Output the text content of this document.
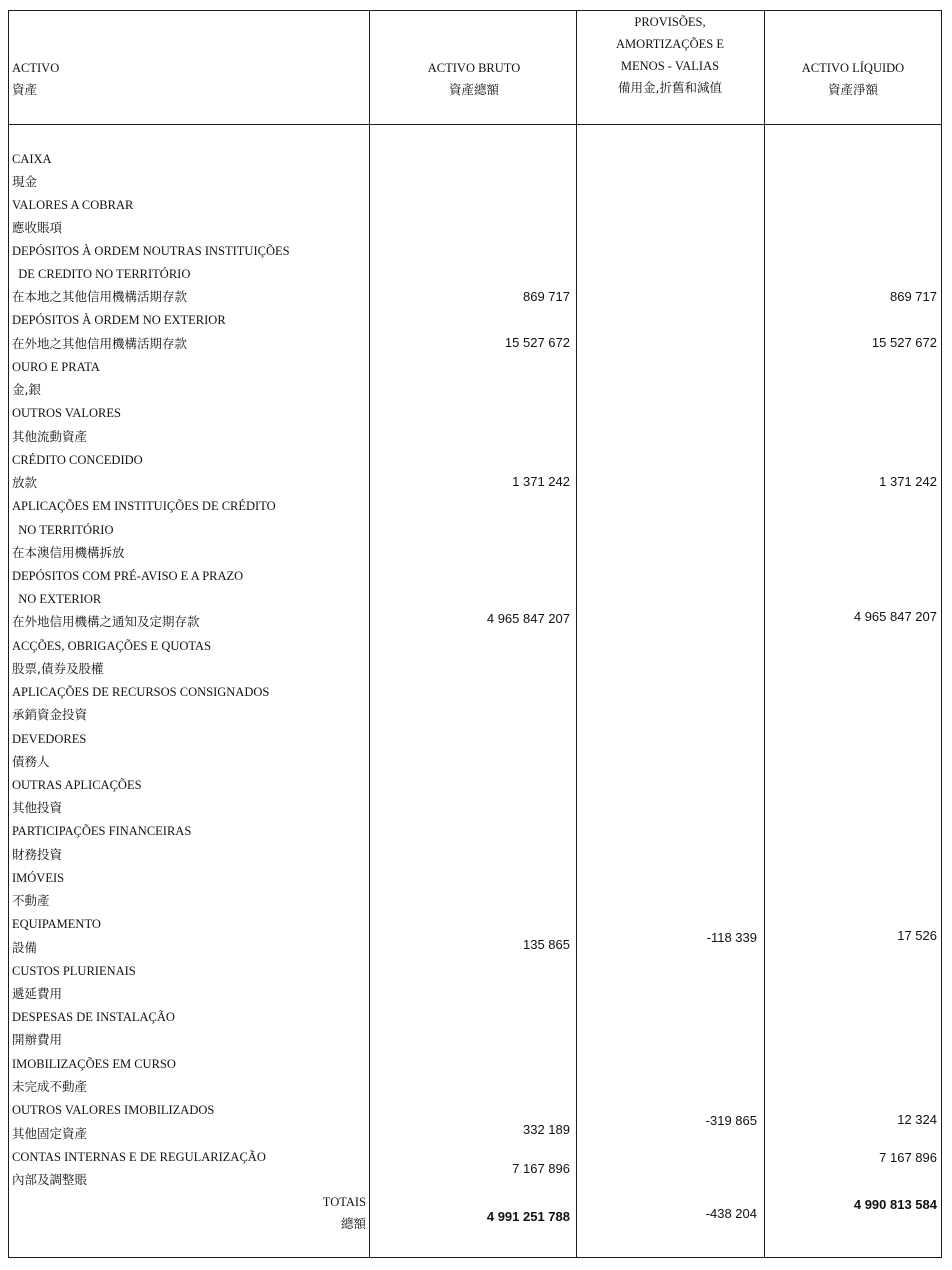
ACTIVO
資產
ACTIVO BRUTO
資產總額
PROVISÕES,
AMORTIZAÇÕES E
MENOS - VALIAS
備用金,折舊和減值
ACTIVO LÍQUIDO
資產淨額
CAIXA
現金
VALORES A COBRAR
應收賬項
DEPÓSITOS À ORDEM NOUTRAS INSTITUIÇÕES
DE CREDITO NO TERRITÓRIO
在本地之其他信用機構活期存款
DEPÓSITOS À ORDEM NO EXTERIOR
在外地之其他信用機構活期存款
OURO E PRATA
金,銀
OUTROS VALORES
其他流動資產
CRÉDITO CONCEDIDO
放款
APLICAÇÕES EM INSTITUIÇÕES DE CRÉDITO
NO TERRITÓRIO
在本澳信用機構拆放
DEPÓSITOS COM PRÉ-AVISO E A PRAZO
NO EXTERIOR
在外地信用機構之通知及定期存款
ACÇÕES, OBRIGAÇÕES E QUOTAS
股票,債券及股權
APLICAÇÕES DE RECURSOS CONSIGNADOS
承銷資金投資
DEVEDORES
債務人
OUTRAS APLICAÇÕES
其他投資
PARTICIPAÇÕES FINANCEIRAS
財務投資
IMÓVEIS
不動產
EQUIPAMENTO
設備
CUSTOS PLURIENAIS
遞延費用
DESPESAS DE INSTALAÇÃO
開辦費用
IMOBILIZAÇÕES EM CURSO
未完成不動產
OUTROS VALORES IMOBILIZADOS
其他固定資產
CONTAS INTERNAS E DE REGULARIZAÇÃO
內部及調整賬
869 717
15 527 672
1 371 242
4 965 847 207
135 865
332 189
7 167 896
-118 339
-319 865
869 717
15 527 672
1 371 242
4 965 847 207
17 526
12 324
7 167 896
TOTAIS
總額	4 991 251 788	-438 204
4 990 813 584
